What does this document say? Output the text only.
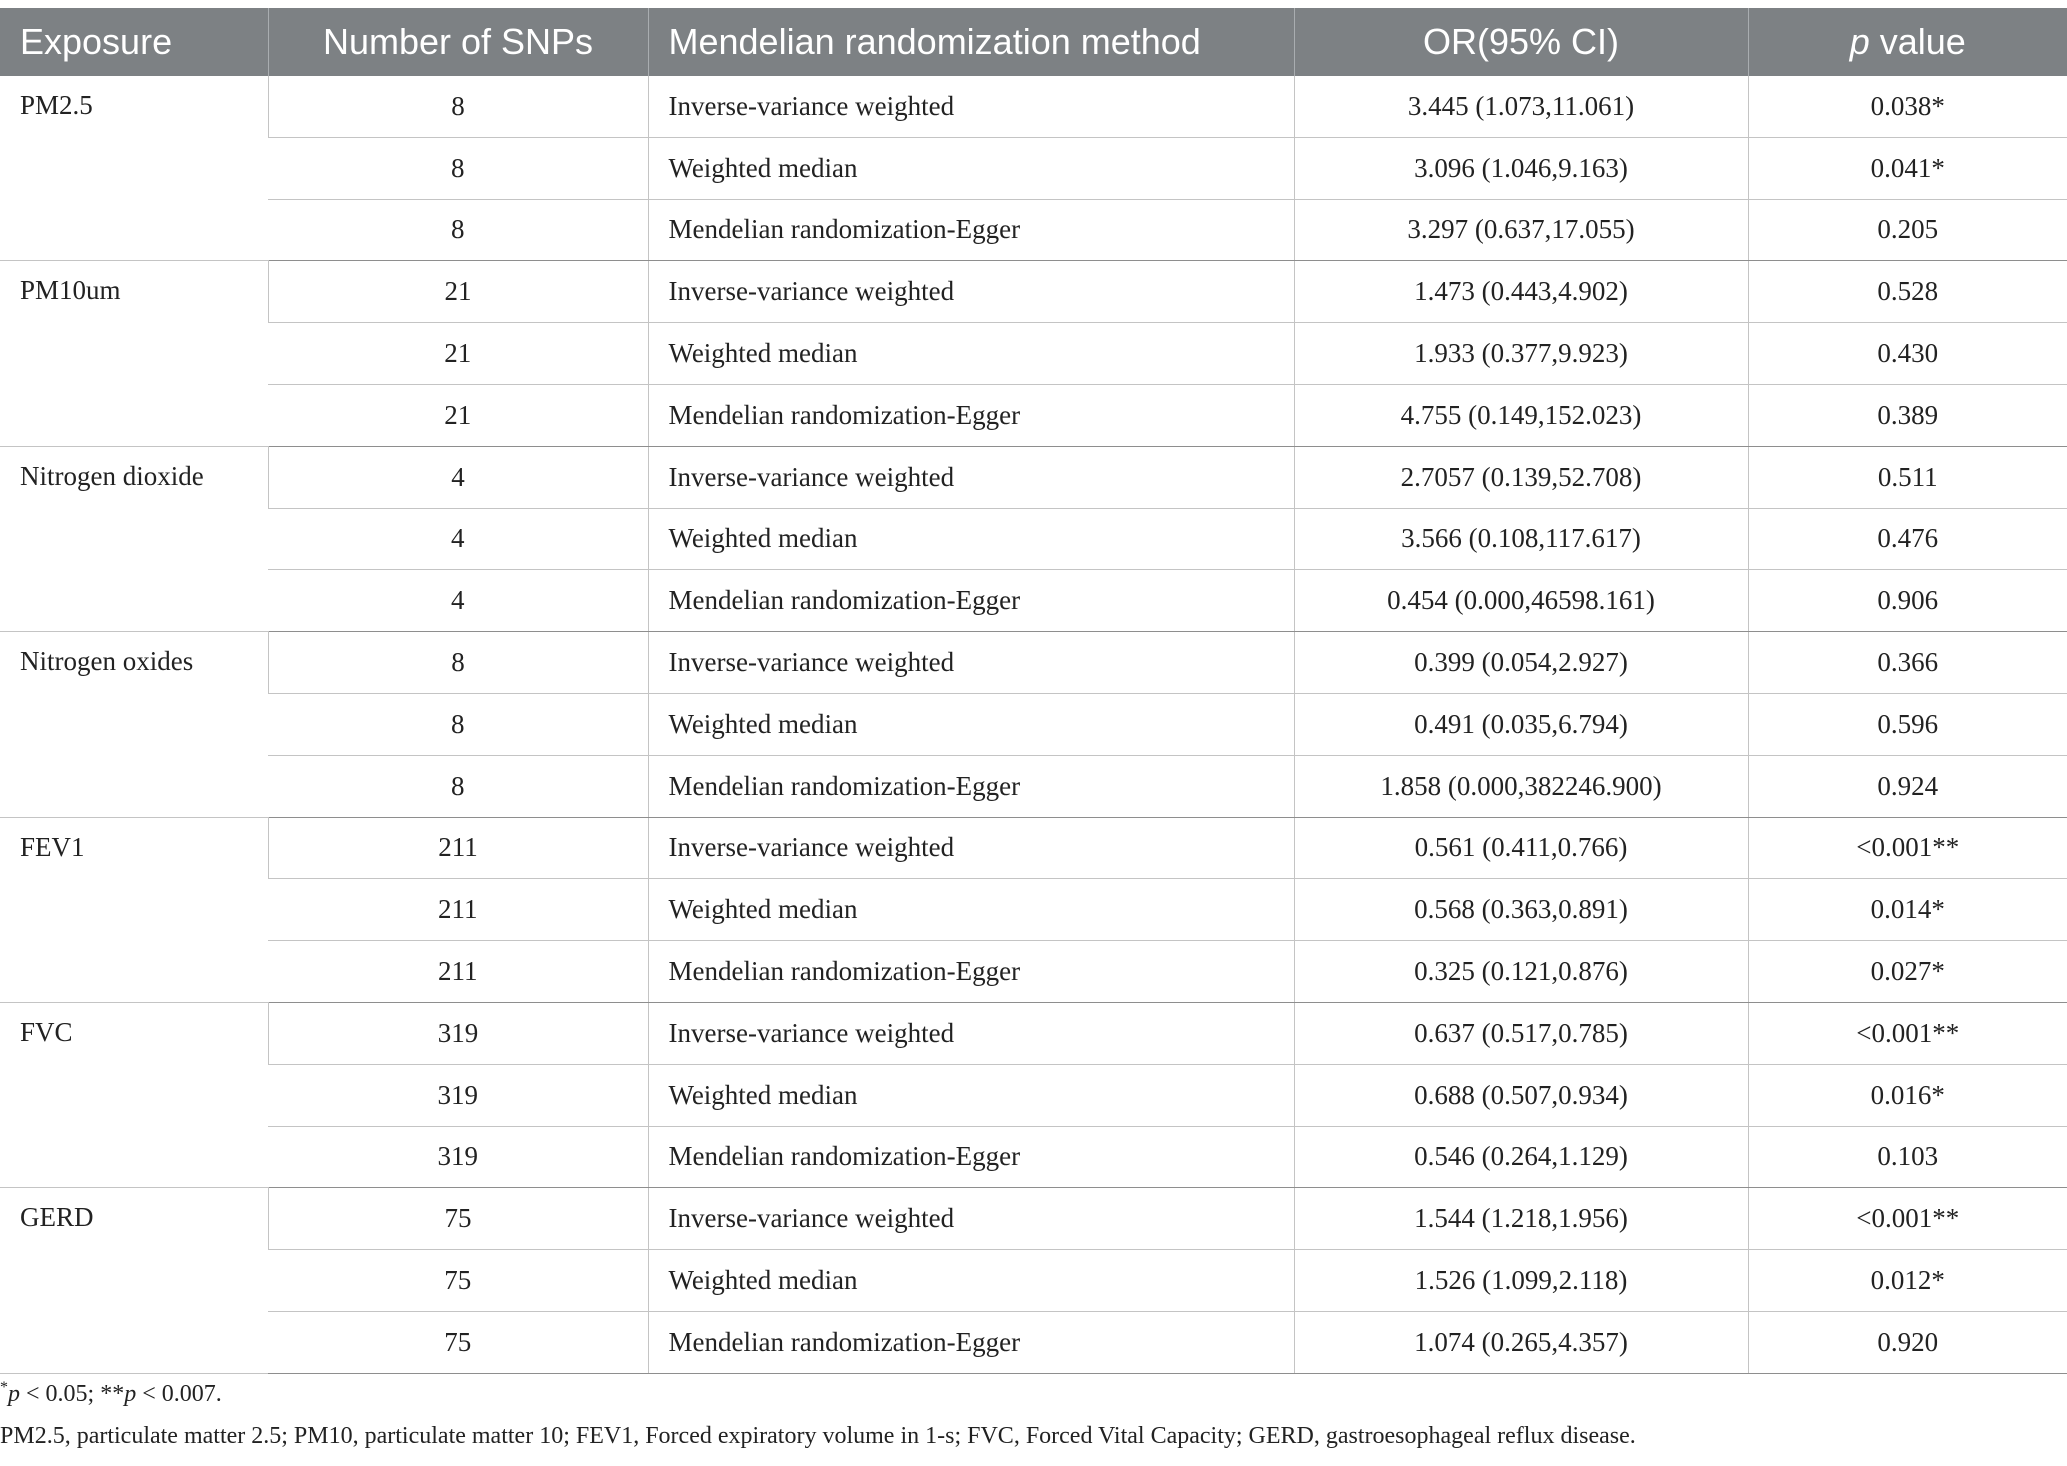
Exposure	Number of SNPs	Mendelian randomization method	OR(95% CI)	p value
PM2.5	8	Inverse-variance weighted	3.445 (1.073,11.061)	0.038*
	8	Weighted median	3.096 (1.046,9.163)	0.041*
	8	Mendelian randomization-Egger	3.297 (0.637,17.055)	0.205
PM10um	21	Inverse-variance weighted	1.473 (0.443,4.902)	0.528
	21	Weighted median	1.933 (0.377,9.923)	0.430
	21	Mendelian randomization-Egger	4.755 (0.149,152.023)	0.389
Nitrogen dioxide	4	Inverse-variance weighted	2.7057 (0.139,52.708)	0.511
	4	Weighted median	3.566 (0.108,117.617)	0.476
	4	Mendelian randomization-Egger	0.454 (0.000,46598.161)	0.906
Nitrogen oxides	8	Inverse-variance weighted	0.399 (0.054,2.927)	0.366
	8	Weighted median	0.491 (0.035,6.794)	0.596
	8	Mendelian randomization-Egger	1.858 (0.000,382246.900)	0.924
FEV1	211	Inverse-variance weighted	0.561 (0.411,0.766)	<0.001**
	211	Weighted median	0.568 (0.363,0.891)	0.014*
	211	Mendelian randomization-Egger	0.325 (0.121,0.876)	0.027*
FVC	319	Inverse-variance weighted	0.637 (0.517,0.785)	<0.001**
	319	Weighted median	0.688 (0.507,0.934)	0.016*
	319	Mendelian randomization-Egger	0.546 (0.264,1.129)	0.103
GERD	75	Inverse-variance weighted	1.544 (1.218,1.956)	<0.001**
	75	Weighted median	1.526 (1.099,2.118)	0.012*
	75	Mendelian randomization-Egger	1.074 (0.265,4.357)	0.920

*p < 0.05; **p < 0.007.

PM2.5, particulate matter 2.5; PM10, particulate matter 10; FEV1, Forced expiratory volume in 1-s; FVC, Forced Vital Capacity; GERD, gastroesophageal reflux disease.
